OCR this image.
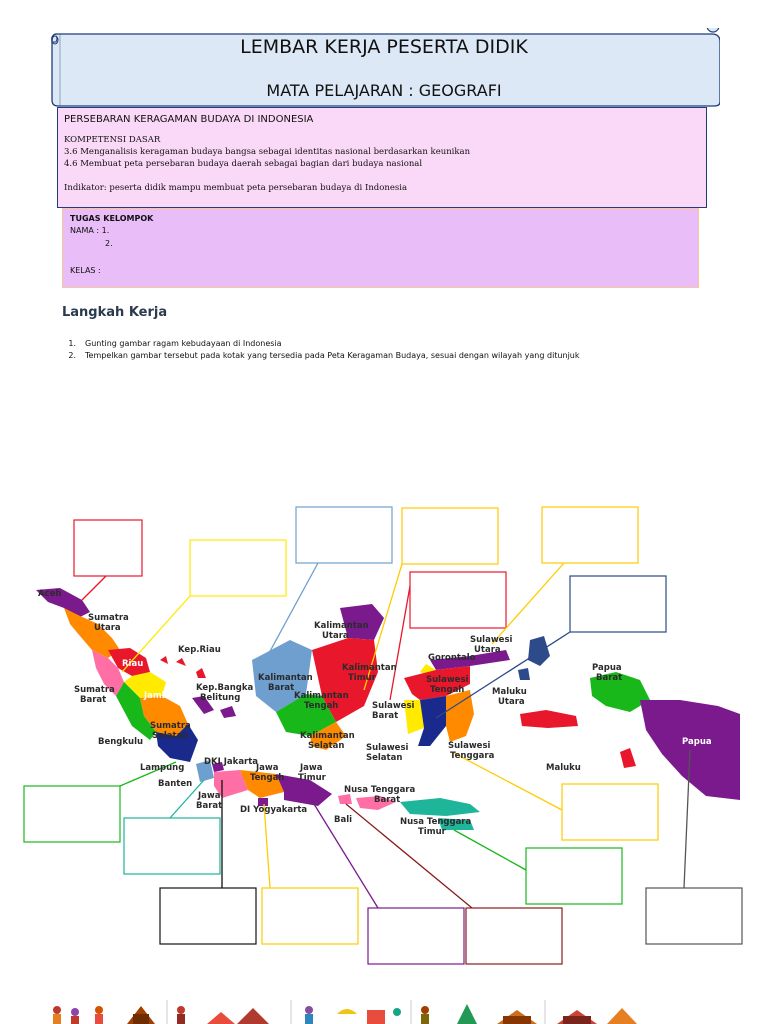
LEMBAR KERJA PESERTA DIDIK
MATA PELAJARAN : GEOGRAFI
PERSEBARAN KERAGAMAN BUDAYA DI INDONESIA
KOMPETENSI DASAR
3.6 Menganalisis keragaman budaya bangsa sebagai identitas nasional berdasarkan keunikan
4.6 Membuat peta persebaran budaya daerah sebagai bagian dari budaya nasional
Indikator: peserta didik mampu membuat peta persebaran budaya di Indonesia
TUGAS KELOMPOK
NAMA : 1.
2.
KELAS :
Langkah Kerja
1. Gunting gambar ragam kebudayaan di Indonesia
2. Tempelkan gambar tersebut pada kotak yang tersedia pada Peta Keragaman Budaya, sesuai dengan wilayah yang ditunjuk
Aceh
Sumatra
Utara
Kep.Riau
Riau
Sumatra
Barat	Jambi
Kep.Bangka
Belitung
Sumatra
Selatan
Bengkulu
Lampung
Banten
DKI Jakarta
Jawa
Barat
Jawa
Tengah
Jawa
Timur
DI Yogyakarta
Bali
Nusa Tenggara
Barat
Nusa Tenggara
Timur
Kalimantan
Utara
Kalimantan
Barat
Kalimantan
Timur
Kalimantan
Tengah
Kalimantan
Selatan
Sulawesi
Utara
Gorontalo
Sulawesi
Tengah
Sulawesi
Barat
Sulawesi
Selatan
Sulawesi
Tenggara
Maluku
Utara
Maluku
Papua
Barat
Papua
